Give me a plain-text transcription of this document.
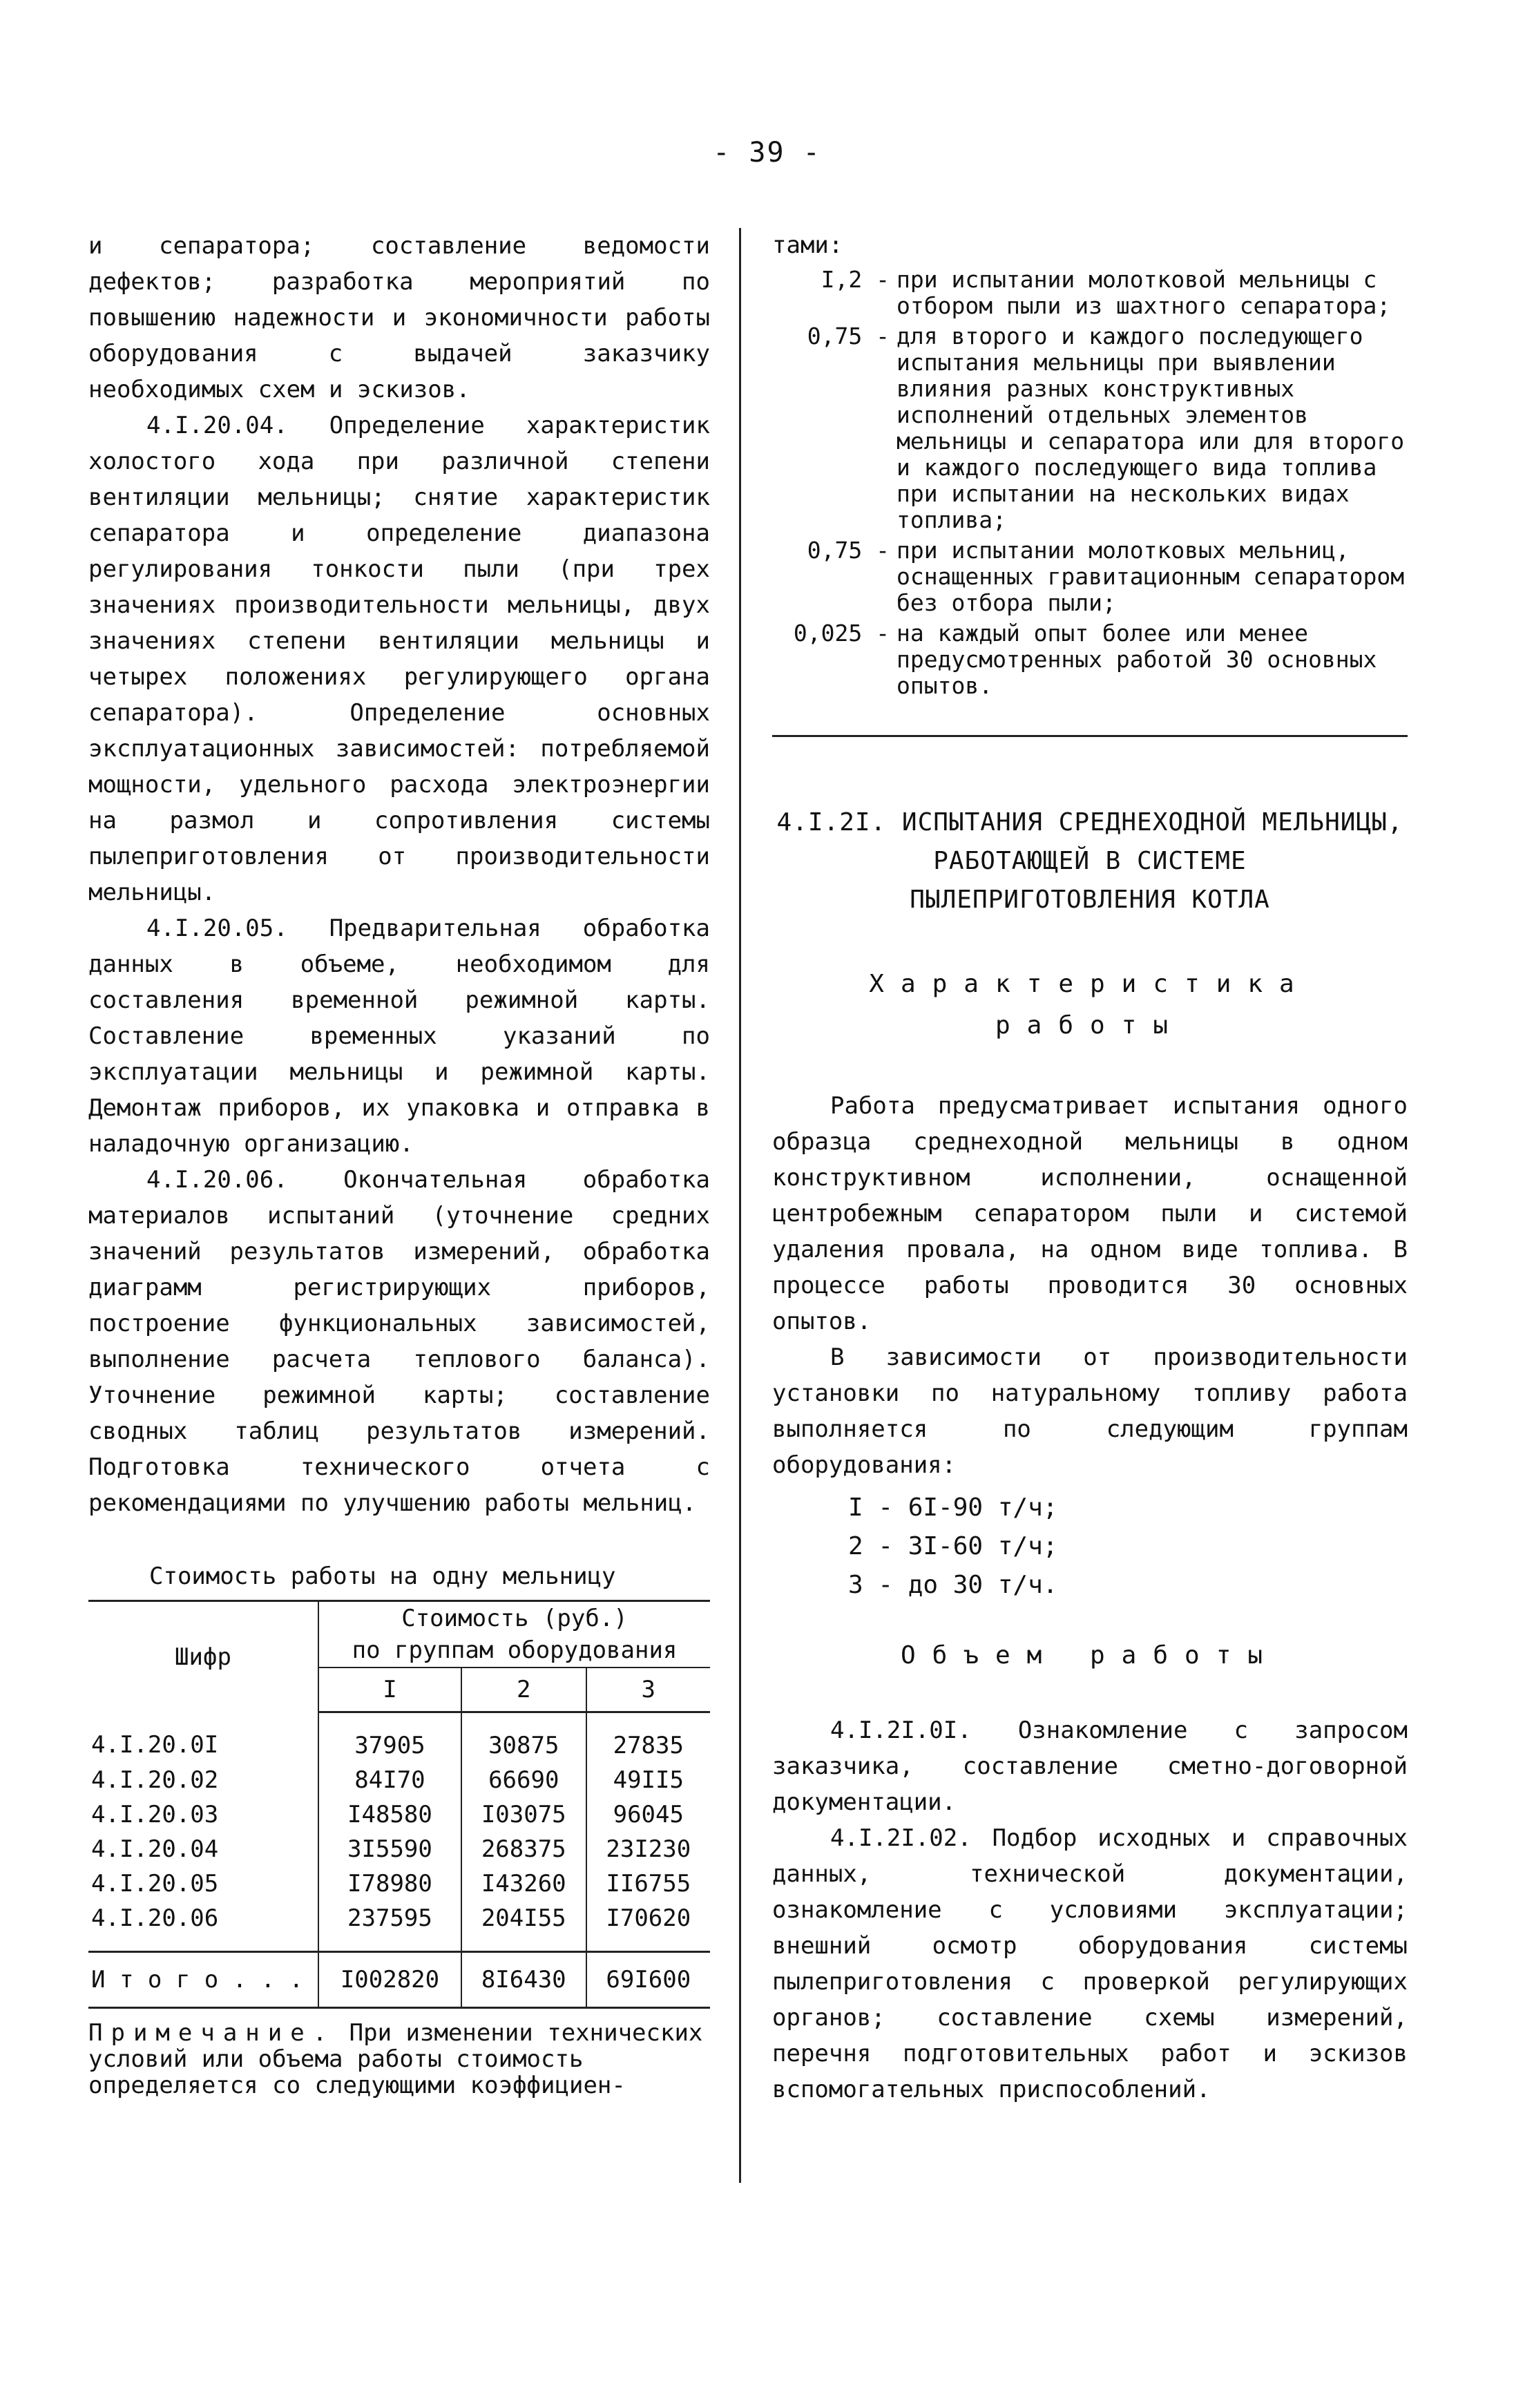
- 39 -

и сепаратора; составление ведомости дефектов; разработка мероприятий по повышению надежности и экономичности работы оборудования с выдачей заказчику необходимых схем и эскизов.

4.I.20.04. Определение характеристик холостого хода при различной степени вентиляции мельницы; снятие характеристик сепаратора и определение диапазона регулирования тонкости пыли (при трех значениях производительности мельницы, двух значениях степени вентиляции мельницы и четырех положениях регулирующего органа сепаратора). Определение основных эксплуатационных зависимостей: потребляемой мощности, удельного расхода электроэнергии на размол и сопротивления системы пылеприготовления от производительности мельницы.

4.I.20.05. Предварительная обработка данных в объеме, необходимом для составления временной режимной карты. Составление временных указаний по эксплуатации мельницы и режимной карты. Демонтаж приборов, их упаковка и отправка в наладочную организацию.

4.I.20.06. Окончательная обработка материалов испытаний (уточнение средних значений результатов измерений, обработка диаграмм регистрирующих приборов, построение функциональных зависимостей, выполнение расчета теплового баланса). Уточнение режимной карты; составление сводных таблиц результатов измерений. Подготовка технического отчета с рекомендациями по улучшению работы мельниц.

Стоимость работы на одну мельницу
Шифр	Стоимость (руб.)
по группам оборудования		

	I	2	3
4.I.20.0I	37905	30875	27835
4.I.20.02	84I70	66690	49II5
4.I.20.03	I48580	I03075	96045
4.I.20.04	3I5590	268375	23I230
4.I.20.05	I78980	I43260	II6755
4.I.20.06	237595	204I55	I70620
И т о г о . . .	I002820	8I6430	69I600
Примечание. При изменении технических условий или объема работы стоимость определяется со следующими коэффициен-
тами:
I,2 - при испытании молотковой мельницы с отбором пыли из шахтного сепаратора;
0,75 - для второго и каждого последующего испытания мельницы при выявлении влияния разных конструктивных исполнений отдельных элементов мельницы и сепаратора или для второго и каждого последующего вида топлива при испытании на нескольких видах топлива;
0,75 - при испытании молотковых мельниц, оснащенных гравитационным сепаратором без отбора пыли;
0,025 - на каждый опыт более или менее предусмотренных работой 30 основных опытов.
4.I.2I. ИСПЫТАНИЯ СРЕДНЕХОДНОЙ МЕЛЬНИЦЫ,
РАБОТАЮЩЕЙ В СИСТЕМЕ
ПЫЛЕПРИГОТОВЛЕНИЯ КОТЛА
Характеристика
работы

Работа предусматривает испытания одного образца среднеходной мельницы в одном конструктивном исполнении, оснащенной центробежным сепаратором пыли и системой удаления провала, на одном виде топлива. В процессе работы проводится 30 основных опытов.

В зависимости от производительности установки по натуральному топливу работа выполняется по следующим группам оборудования:

I - 6I-90 т/ч;
2 - 3I-60 т/ч;
3 - до 30 т/ч.
Объем работы

4.I.2I.0I. Ознакомление с запросом заказчика, составление сметно-договорной документации.

4.I.2I.02. Подбор исходных и справочных данных, технической документации, ознакомление с условиями эксплуатации; внешний осмотр оборудования системы пылеприготовления с проверкой регулирующих органов; составление схемы измерений, перечня подготовительных работ и эскизов вспомогательных приспособлений.
